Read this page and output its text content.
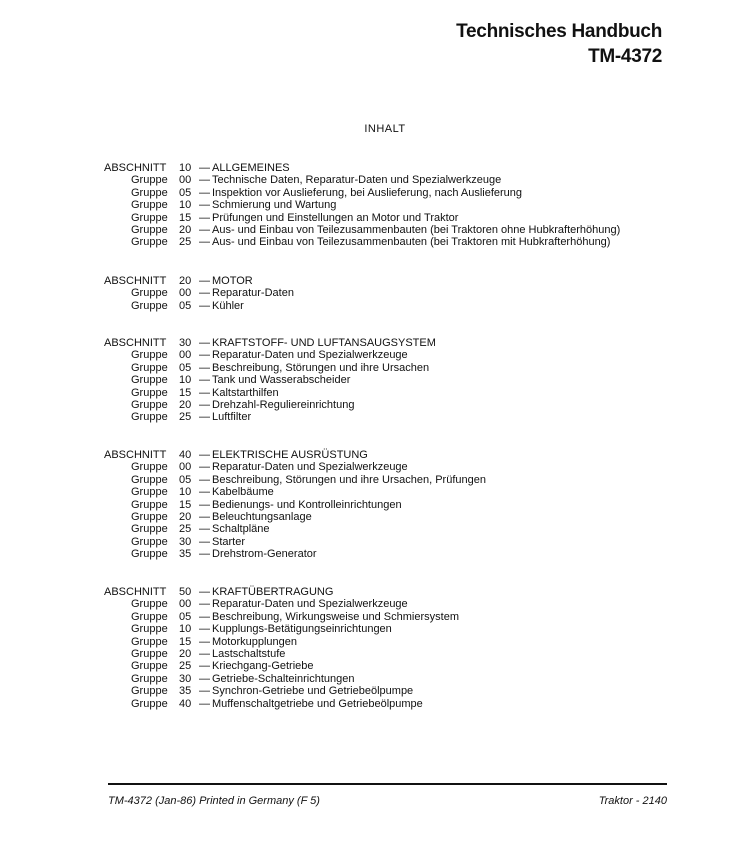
Technisches Handbuch
TM-4372
INHALT
ABSCHNITT	10 — ALLGEMEINES
Gruppe	00 — Technische Daten, Reparatur-Daten und Spezialwerkzeuge
Gruppe	05 — Inspektion vor Auslieferung, bei Auslieferung, nach Auslieferung
Gruppe	10 — Schmierung und Wartung
Gruppe	15 — Prüfungen und Einstellungen an Motor und Traktor
Gruppe	20 — Aus- und Einbau von Teilezusammenbauten (bei Traktoren ohne Hubkrafterhöhung)
Gruppe	25 — Aus- und Einbau von Teilezusammenbauten (bei Traktoren mit Hubkrafterhöhung)
ABSCHNITT	20 — MOTOR
Gruppe	00 — Reparatur-Daten
Gruppe	05 — Kühler
ABSCHNITT	30 — KRAFTSTOFF- UND LUFTANSAUGSYSTEM
Gruppe	00 — Reparatur-Daten und Spezialwerkzeuge
Gruppe	05 — Beschreibung, Störungen und ihre Ursachen
Gruppe	10 — Tank und Wasserabscheider
Gruppe	15 — Kaltstarthilfen
Gruppe	20 — Drehzahl-Reguliereinrichtung
Gruppe	25 — Luftfilter
ABSCHNITT	40 — ELEKTRISCHE AUSRÜSTUNG
Gruppe	00 — Reparatur-Daten und Spezialwerkzeuge
Gruppe	05 — Beschreibung, Störungen und ihre Ursachen, Prüfungen
Gruppe	10 — Kabelbäume
Gruppe	15 — Bedienungs- und Kontrolleinrichtungen
Gruppe	20 — Beleuchtungsanlage
Gruppe	25 — Schaltpläne
Gruppe	30 — Starter
Gruppe	35 — Drehstrom-Generator
ABSCHNITT	50 — KRAFTÜBERTRAGUNG
Gruppe	00 — Reparatur-Daten und Spezialwerkzeuge
Gruppe	05 — Beschreibung, Wirkungsweise und Schmiersystem
Gruppe	10 — Kupplungs-Betätigungseinrichtungen
Gruppe	15 — Motorkupplungen
Gruppe	20 — Lastschaltstufe
Gruppe	25 — Kriechgang-Getriebe
Gruppe	30 — Getriebe-Schalteinrichtungen
Gruppe	35 — Synchron-Getriebe und Getriebeölpumpe
Gruppe	40 — Muffenschaltgetriebe und Getriebeölpumpe
TM-4372 (Jan-86) Printed in Germany (F 5)	Traktor - 2140
